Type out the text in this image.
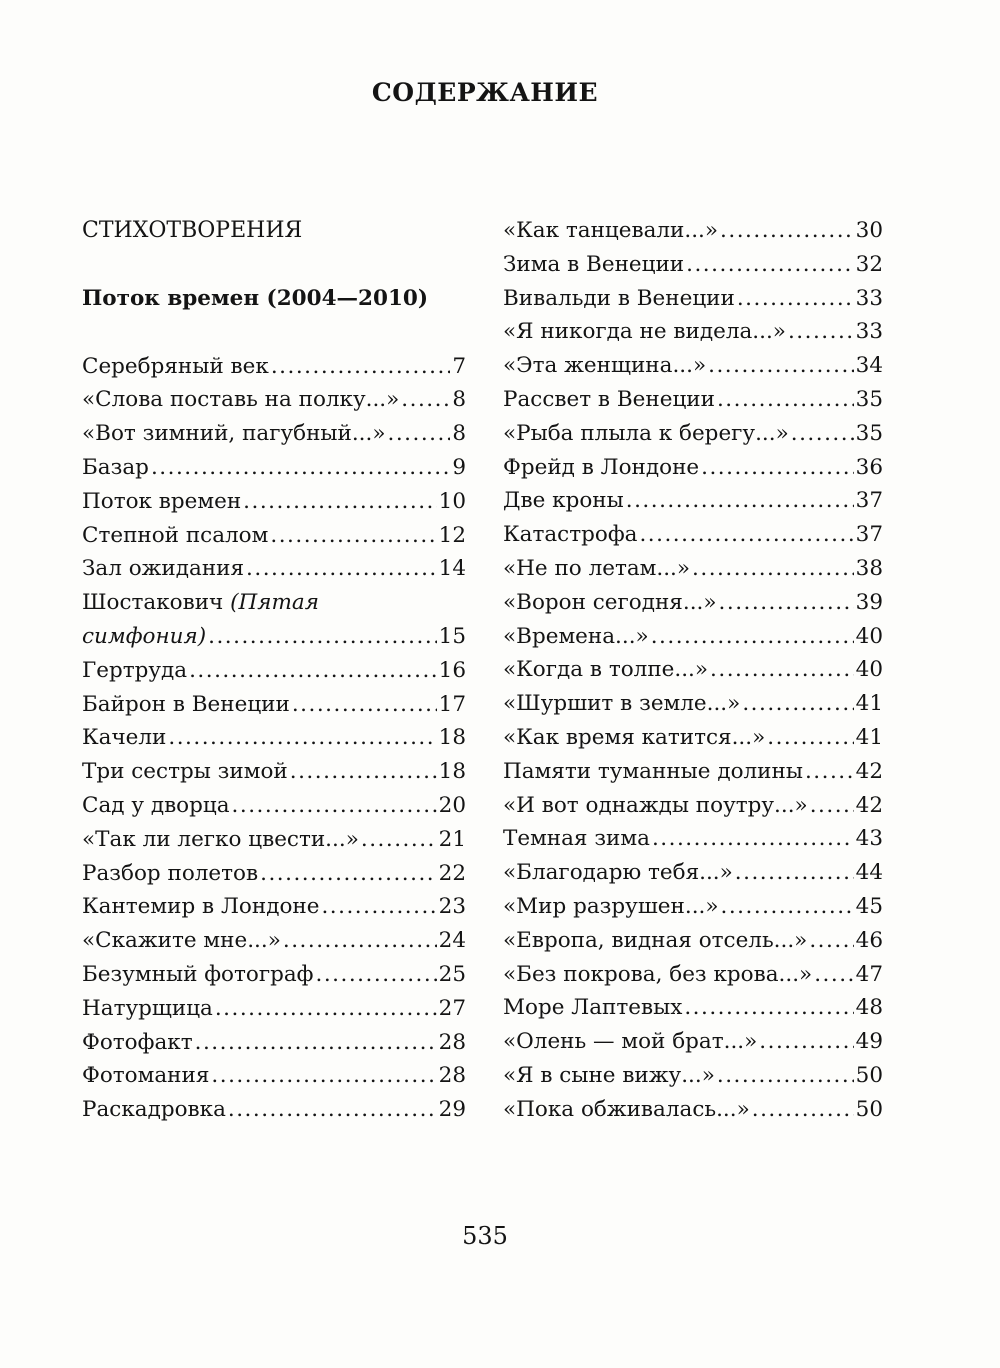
СОДЕРЖАНИЕ
СТИХОТВОРЕНИЯ
Поток времен (2004—2010)
Серебряный век .....	7
«Слова поставь на полку...» ..... 8
«Вот зимний, пагубный...» .....	8
Базар .....	9
Поток времен .....	10
Степной псалом .....	12
Зал ожидания .....	14
Шостакович (Пятая
симфония) .....	15
Гертруда .....	16
Байрон в Венеции .....	17
Качели .....	18
Три сестры зимой .....	18
Сад у дворца .....	20
«Так ли легко цвести...» .....	21
Разбор полетов .....	22
Кантемир в Лондоне .....	23
«Скажите мне...» .....	24
Безумный фотограф .....	25
Натурщица .....	27
Фотофакт .....	28
Фотомания .....	28
Раскадровка .....	29
«Как танцевали...» .....	30
Зима в Венеции .....	32
Вивальди в Венеции .....	33
«Я никогда не видела...» .....	33
«Эта женщина...» .....	34
Рассвет в Венеции .....	35
«Рыба плыла к берегу...» .....	35
Фрейд в Лондоне .....	36
Две кроны .....	37
Катастрофа .....	37
«Не по летам...» .....	38
«Ворон сегодня...» .....	39
«Времена...» .....	40
«Когда в толпе...» .....	40
«Шуршит в земле...» .....	41
«Как время катится...» .....	41
Памяти туманные долины ..... 42
«И вот однажды поутру...» ..... 42
Темная зима .....	43
«Благодарю тебя...» .....	44
«Мир разрушен...» .....	45
«Европа, видная отсель...» ..... 46
«Без покрова, без крова...» ..... 47
Море Лаптевых .....	48
«Олень — мой брат...» .....	49
«Я в сыне вижу...» .....	50
«Пока обживалась...» .....	50
535
